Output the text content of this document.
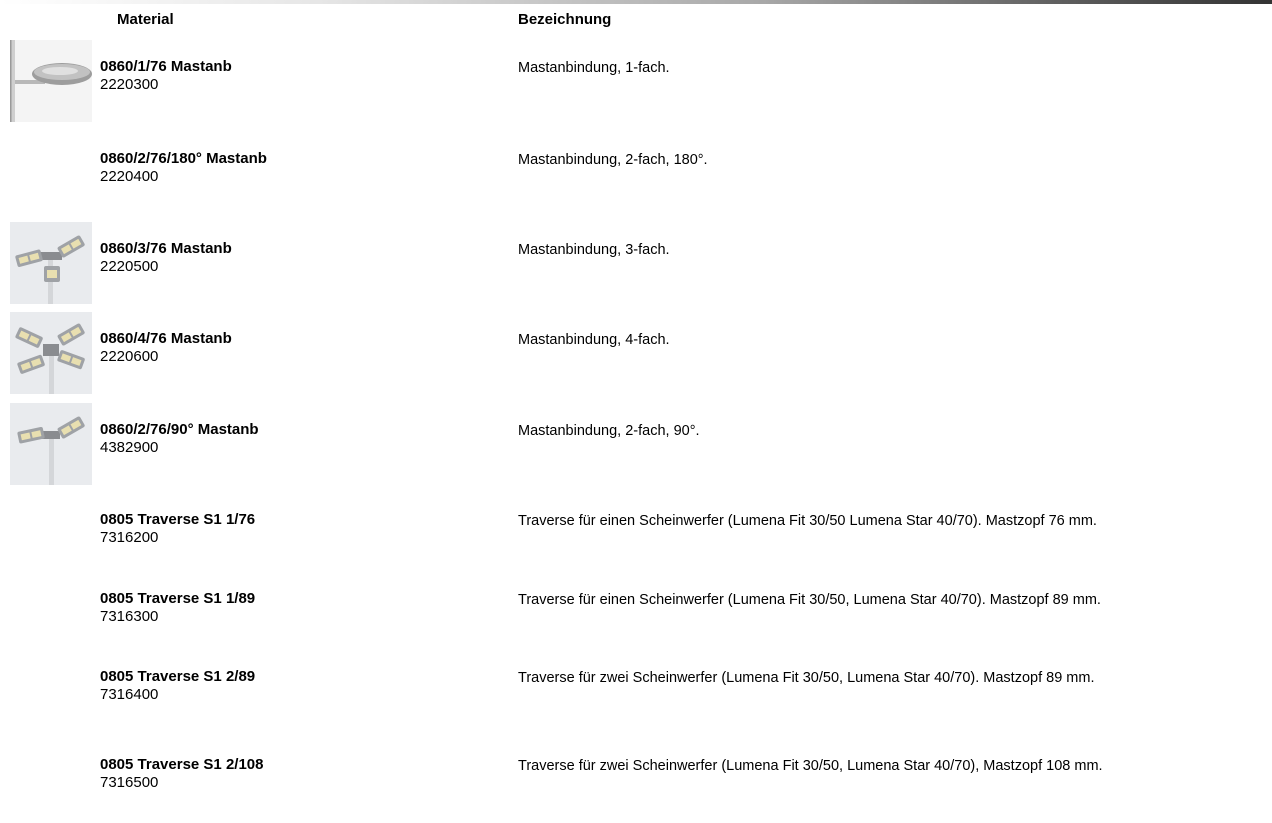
Material	Bezeichnung
0860/1/76 Mastanb
2220300
Mastanbindung, 1-fach.
0860/2/76/180° Mastanb
2220400
Mastanbindung, 2-fach, 180°.
0860/3/76 Mastanb
2220500
Mastanbindung, 3-fach.
0860/4/76 Mastanb
2220600
Mastanbindung, 4-fach.
0860/2/76/90° Mastanb
4382900
Mastanbindung, 2-fach, 90°.
0805 Traverse S1 1/76
7316200
Traverse für einen Scheinwerfer (Lumena Fit 30/50 Lumena Star 40/70). Mastzopf 76 mm.
0805 Traverse S1 1/89
7316300
Traverse für einen Scheinwerfer (Lumena Fit 30/50, Lumena Star 40/70). Mastzopf 89 mm.
0805 Traverse S1 2/89
7316400
Traverse für zwei Scheinwerfer (Lumena Fit 30/50, Lumena Star 40/70). Mastzopf 89 mm.
0805 Traverse S1 2/108
7316500
Traverse für zwei Scheinwerfer (Lumena Fit 30/50, Lumena Star 40/70), Mastzopf 108 mm.
